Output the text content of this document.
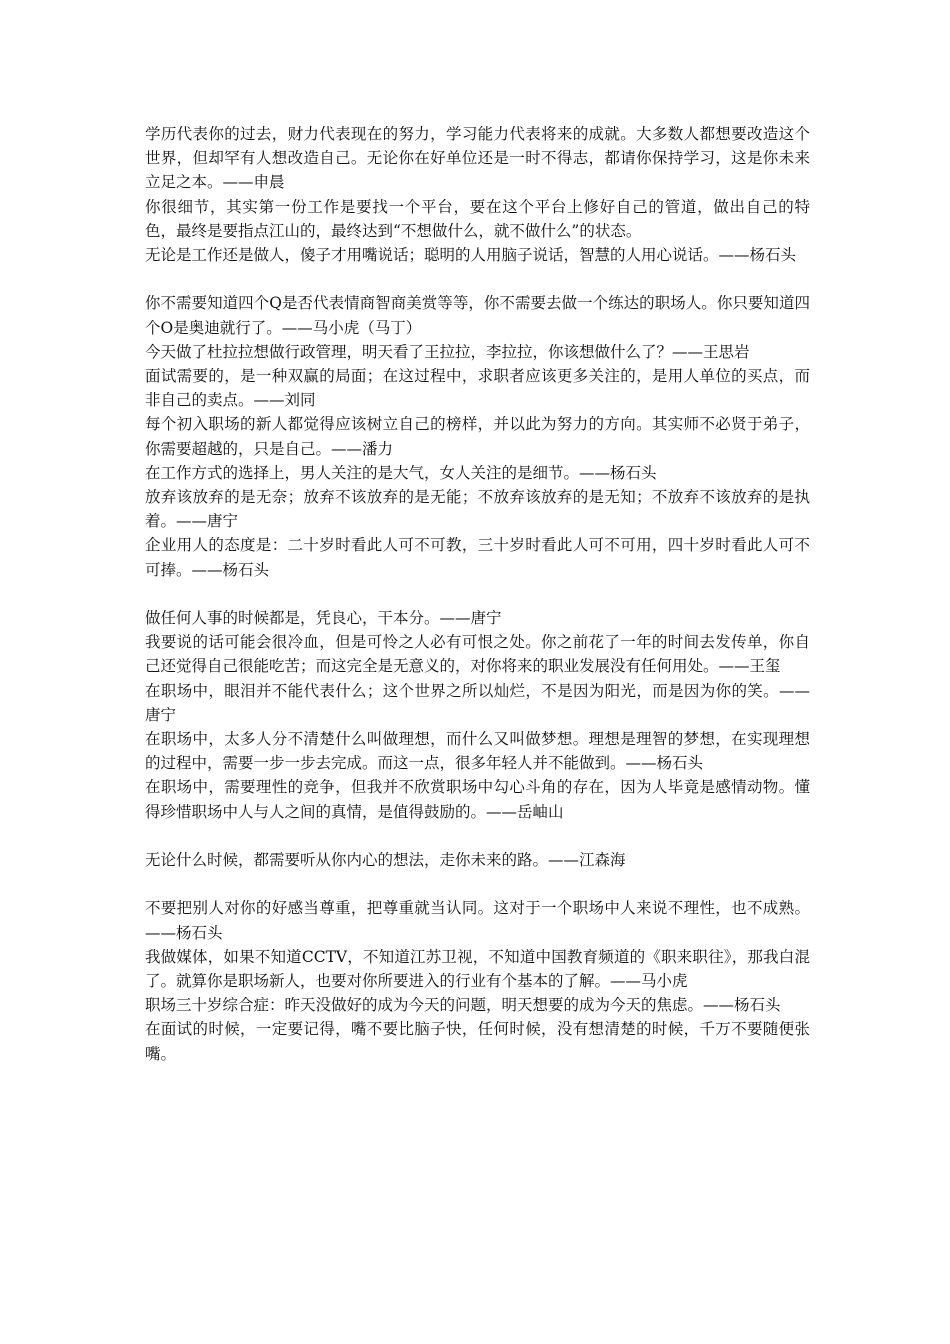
学历代表你的过去，财力代表现在的努力，学习能力代表将来的成就。大多数人都想要改造这个世界，但却罕有人想改造自己。无论你在好单位还是一时不得志，都请你保持学习，这是你未来立足之本。——申晨

你很细节，其实第一份工作是要找一个平台，要在这个平台上修好自己的管道，做出自己的特色，最终是要指点江山的，最终达到“不想做什么，就不做什么”的状态。

无论是工作还是做人，傻子才用嘴说话；聪明的人用脑子说话，智慧的人用心说话。——杨石头

你不需要知道四个Q是否代表情商智商美赏等等，你不需要去做一个练达的职场人。你只要知道四个O是奥迪就行了。——马小虎（马丁）

今天做了杜拉拉想做行政管理，明天看了王拉拉，李拉拉，你该想做什么了？——王思岩

面试需要的，是一种双赢的局面；在这过程中，求职者应该更多关注的，是用人单位的买点，而非自己的卖点。——刘同

每个初入职场的新人都觉得应该树立自己的榜样，并以此为努力的方向。其实师不必贤于弟子，你需要超越的，只是自己。——潘力

在工作方式的选择上，男人关注的是大气，女人关注的是细节。——杨石头

放弃该放弃的是无奈；放弃不该放弃的是无能；不放弃该放弃的是无知；不放弃不该放弃的是执着。——唐宁

企业用人的态度是：二十岁时看此人可不可教，三十岁时看此人可不可用，四十岁时看此人可不可捧。——杨石头

做任何人事的时候都是，凭良心，干本分。——唐宁

我要说的话可能会很冷血，但是可怜之人必有可恨之处。你之前花了一年的时间去发传单，你自己还觉得自己很能吃苦；而这完全是无意义的，对你将来的职业发展没有任何用处。——王玺

在职场中，眼泪并不能代表什么；这个世界之所以灿烂，不是因为阳光，而是因为你的笑。——唐宁

在职场中，太多人分不清楚什么叫做理想，而什么又叫做梦想。理想是理智的梦想，在实现理想的过程中，需要一步一步去完成。而这一点，很多年轻人并不能做到。——杨石头

在职场中，需要理性的竞争，但我并不欣赏职场中勾心斗角的存在，因为人毕竟是感情动物。懂得珍惜职场中人与人之间的真情，是值得鼓励的。——岳岫山

无论什么时候，都需要听从你内心的想法，走你未来的路。——江森海

不要把别人对你的好感当尊重，把尊重就当认同。这对于一个职场中人来说不理性，也不成熟。——杨石头

我做媒体，如果不知道CCTV，不知道江苏卫视，不知道中国教育频道的《职来职往》，那我白混了。就算你是职场新人，也要对你所要进入的行业有个基本的了解。——马小虎

职场三十岁综合症：昨天没做好的成为今天的问题，明天想要的成为今天的焦虑。——杨石头

在面试的时候，一定要记得，嘴不要比脑子快，任何时候，没有想清楚的时候，千万不要随便张嘴。
